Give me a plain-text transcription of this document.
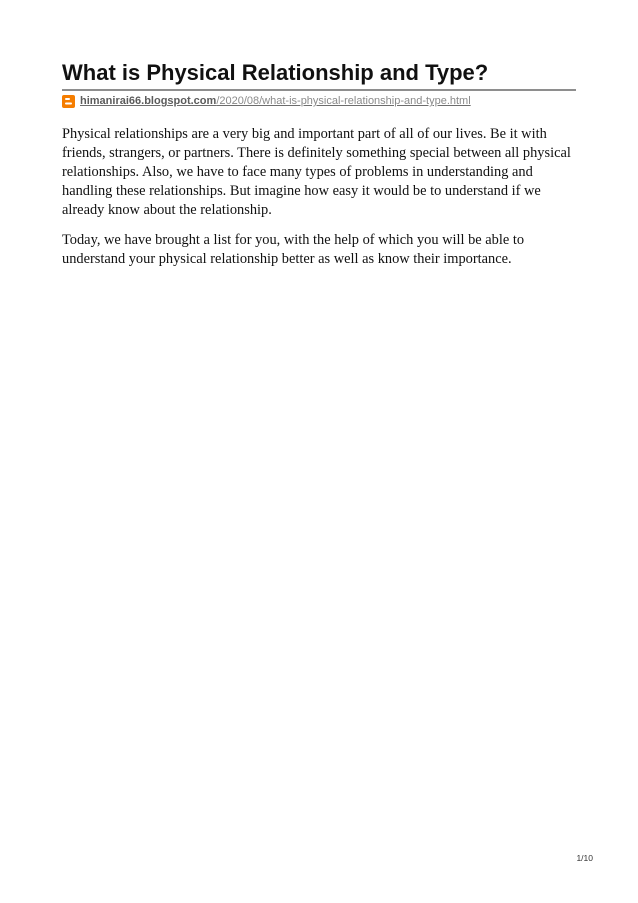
What is Physical Relationship and Type?
himanirai66.blogspot.com/2020/08/what-is-physical-relationship-and-type.html

Physical relationships are a very big and important part of all of our lives. Be it with friends, strangers, or partners. There is definitely something special between all physical relationships. Also, we have to face many types of problems in understanding and handling these relationships. But imagine how easy it would be to understand if we already know about the relationship.

Today, we have brought a list for you, with the help of which you will be able to understand your physical relationship better as well as know their importance.

1/10
